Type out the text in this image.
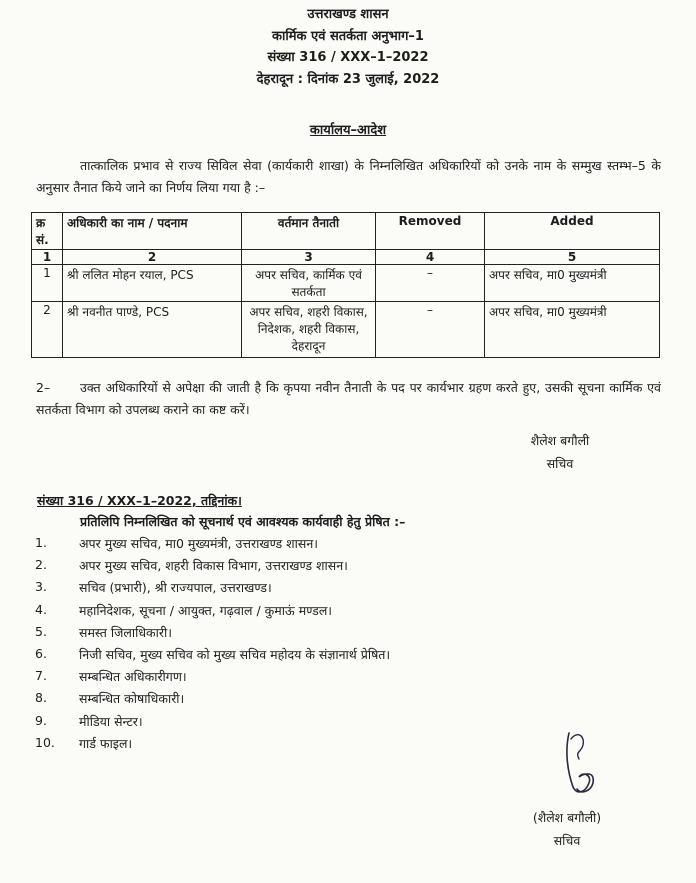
उत्तराखण्ड शासन
कार्मिक एवं सतर्कता अनुभाग–1
संख्या 316 / XXX–1–2022
देहरादून : दिनांक 23 जुलाई, 2022
कार्यालय–आदेश
तात्कालिक प्रभाव से राज्य सिविल सेवा (कार्यकारी शाखा) के निम्नलिखित अधिकारियों को उनके नाम के सम्मुख स्तम्भ–5 के अनुसार तैनात किये जाने का निर्णय लिया गया है :–
क्र सं.	अधिकारी का नाम / पदनाम	वर्तमान तैनाती	Removed	Added
1	2	3	4	5
1	श्री ललित मोहन रयाल, PCS	अपर सचिव, कार्मिक एवं सतर्कता	–	अपर सचिव, मा0 मुख्यमंत्री
2	श्री नवनीत पाण्डे, PCS	अपर सचिव, शहरी विकास, निदेशक, शहरी विकास, देहरादून	–	अपर सचिव, मा0 मुख्यमंत्री
2– उक्त अधिकारियों से अपेक्षा की जाती है कि कृपया नवीन तैनाती के पद पर कार्यभार ग्रहण करते हुए, उसकी सूचना कार्मिक एवं सतर्कता विभाग को उपलब्ध कराने का कष्ट करें।
शैलेश बगौली
सचिव
संख्या 316 / XXX–1–2022, तद्दिनांक।
प्रतिलिपि निम्नलिखित को सूचनार्थ एवं आवश्यक कार्यवाही हेतु प्रेषित :–
1.	अपर मुख्य सचिव, मा0 मुख्यमंत्री, उत्तराखण्ड शासन।
2.	अपर मुख्य सचिव, शहरी विकास विभाग, उत्तराखण्ड शासन।
3.	सचिव (प्रभारी), श्री राज्यपाल, उत्तराखण्ड।
4.	महानिदेशक, सूचना / आयुक्त, गढ़वाल / कुमाऊं मण्डल।
5.	समस्त जिलाधिकारी।
6.	निजी सचिव, मुख्य सचिव को मुख्य सचिव महोदय के संज्ञानार्थ प्रेषित।
7.	सम्बन्धित अधिकारीगण।
8.	सम्बन्धित कोषाधिकारी।
9.	मीडिया सेन्टर।
10.	गार्ड फाइल।
(शैलेश बगौली)
सचिव
